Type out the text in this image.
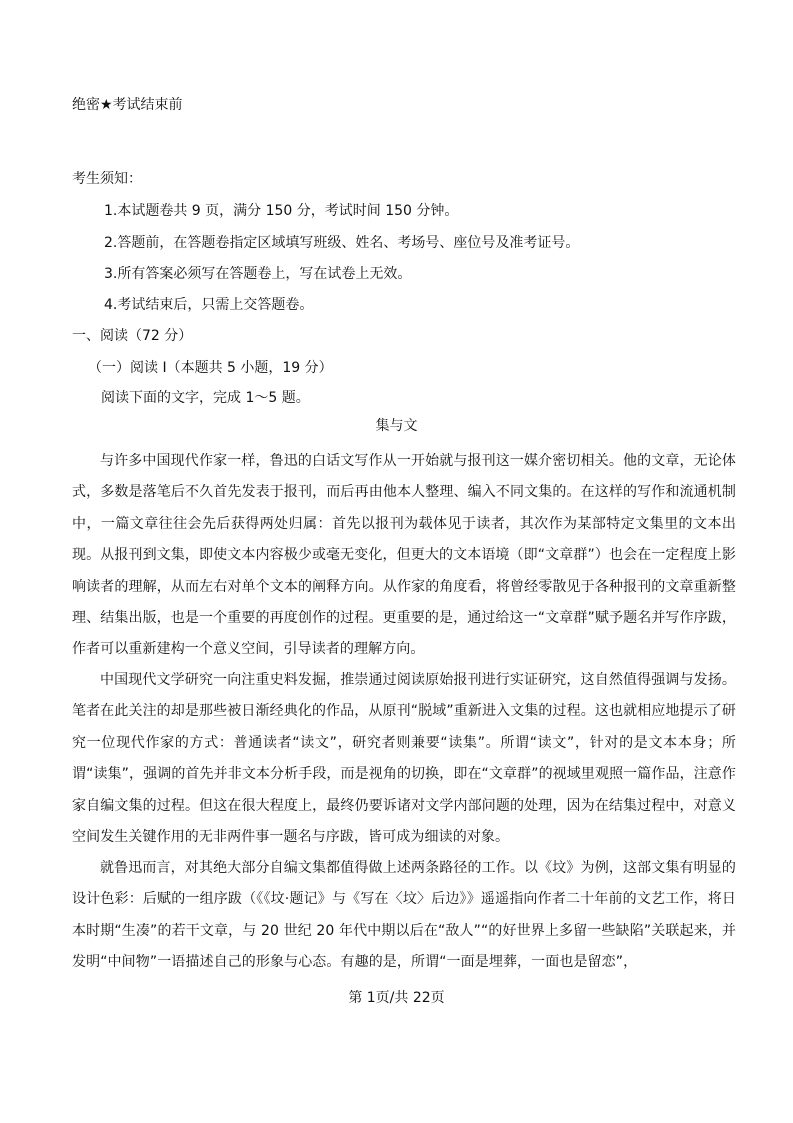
绝密★考试结束前
考生须知：
1.本试题卷共 9 页，满分 150 分，考试时间 150 分钟。
2.答题前，在答题卷指定区域填写班级、姓名、考场号、座位号及准考证号。
3.所有答案必须写在答题卷上，写在试卷上无效。
4.考试结束后，只需上交答题卷。
一、阅读（72 分）
（一）阅读 I（本题共 5 小题，19 分）
阅读下面的文字，完成 1～5 题。
集与文
与许多中国现代作家一样，鲁迅的白话文写作从一开始就与报刊这一媒介密切相关。他的文章，无论体式，多数是落笔后不久首先发表于报刊，而后再由他本人整理、编入不同文集的。在这样的写作和流通机制中，一篇文章往往会先后获得两处归属：首先以报刊为载体见于读者，其次作为某部特定文集里的文本出现。从报刊到文集，即使文本内容极少或毫无变化，但更大的文本语境（即“文章群”）也会在一定程度上影响读者的理解，从而左右对单个文本的阐释方向。从作家的角度看，将曾经零散见于各种报刊的文章重新整理、结集出版，也是一个重要的再度创作的过程。更重要的是，通过给这一“文章群”赋予题名并写作序跋，作者可以重新建构一个意义空间，引导读者的理解方向。
中国现代文学研究一向注重史料发掘，推崇通过阅读原始报刊进行实证研究，这自然值得强调与发扬。笔者在此关注的却是那些被日渐经典化的作品，从原刊“脱域”重新进入文集的过程。这也就相应地提示了研究一位现代作家的方式：普通读者“读文”，研究者则兼要“读集”。所谓“读文”，针对的是文本本身；所谓“读集”，强调的首先并非文本分析手段，而是视角的切换，即在“文章群”的视域里观照一篇作品，注意作家自编文集的过程。但这在很大程度上，最终仍要诉诸对文学内部问题的处理，因为在结集过程中，对意义空间发生关键作用的无非两件事一题名与序跋，皆可成为细读的对象。
就鲁迅而言，对其绝大部分自编文集都值得做上述两条路径的工作。以《坟》为例，这部文集有明显的设计色彩：后赋的一组序跋（《《坟·题记》与《写在〈坟〉后边》》遥遥指向作者二十年前的文艺工作，将日本时期“生凑”的若干文章，与 20 世纪 20 年代中期以后在“敌人”“的好世界上多留一些缺陷”关联起来，并发明“中间物”一语描述自己的形象与心态。有趣的是，所谓“一面是埋葬，一面也是留恋”，
第 1页/共 22页
